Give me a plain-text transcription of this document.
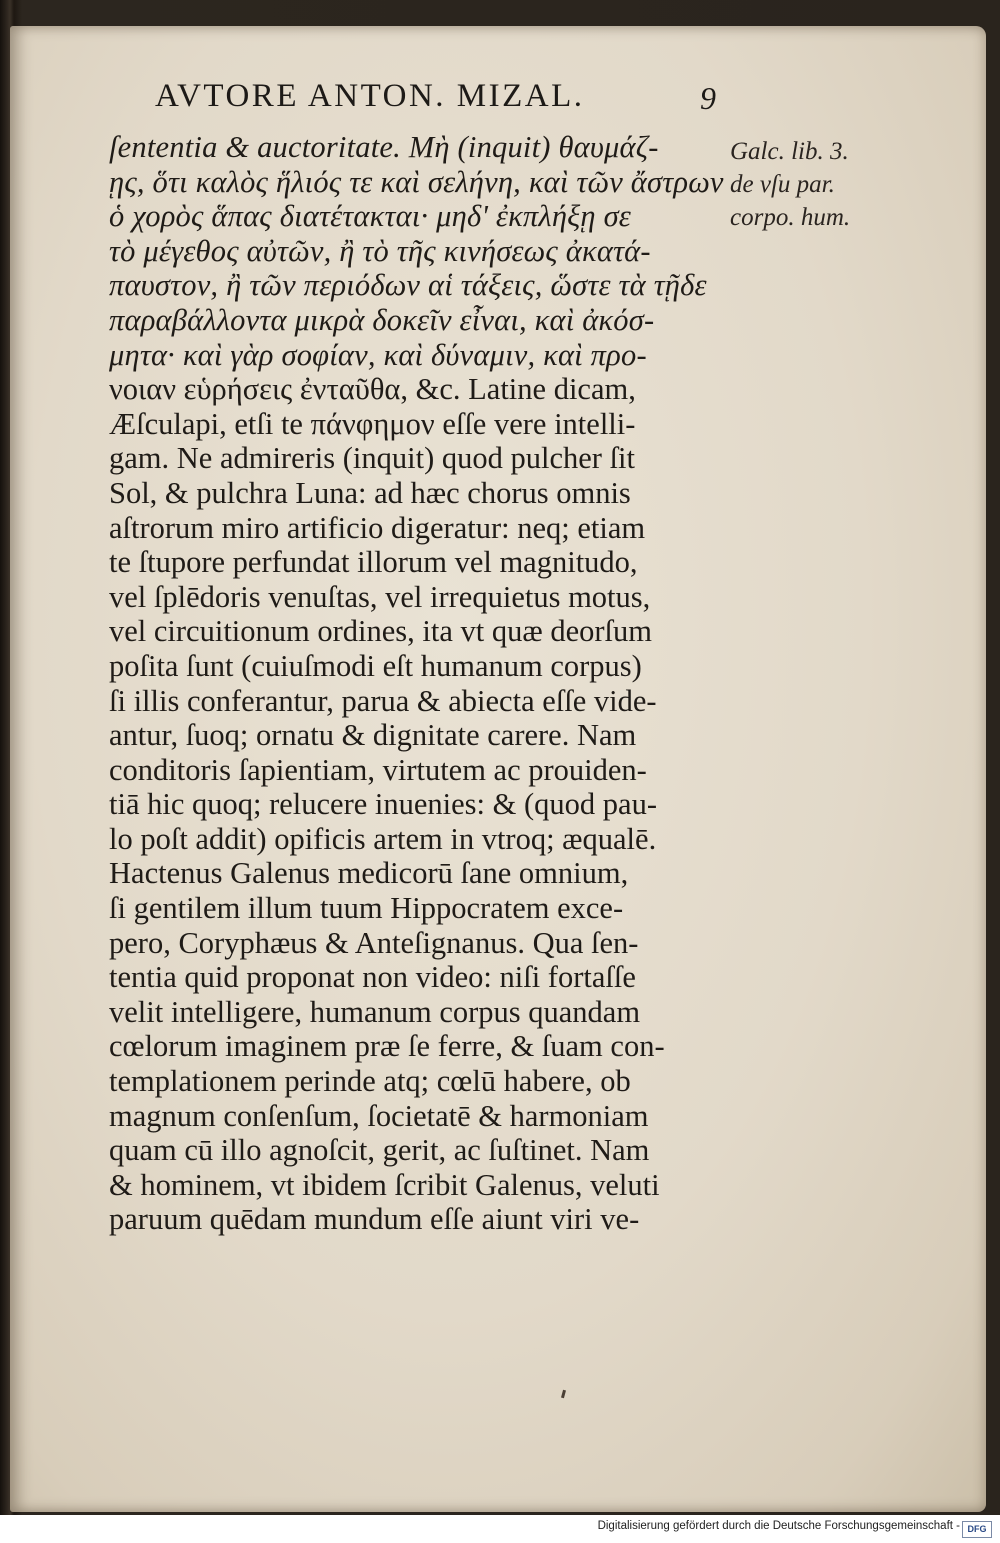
AVTORE ANTON. MIZAL.	9
ſententia & auctoritate. Μὴ (inquit) θαυμάζ-
ῃς, ὅτι καλὸς ἥλιός τε καὶ σελήνη, καὶ τῶν ἄστρων
ὁ χορὸς ἅπας διατέτακται· μηδ' ἐκπλήξῃ σε
τὸ μέγεθος αὐτῶν, ἢ τὸ τῆς κινήσεως ἀκατά-
παυστον, ἢ τῶν περιόδων αἱ τάξεις, ὥστε τὰ τῇδε
παραβάλλοντα μικρὰ δοκεῖν εἶναι, καὶ ἀκόσ-
μητα· καὶ γὰρ σοφίαν, καὶ δύναμιν, καὶ προ-
νοιαν εὑρήσεις ἐνταῦθα, &c. Latine dicam,
Æſculapi, etſi te πάνφημον eſſe vere intelli-
gam. Ne admireris (inquit) quod pulcher ſit
Sol, & pulchra Luna: ad hæc chorus omnis
aſtrorum miro artificio digeratur: neq; etiam
te ſtupore perfundat illorum vel magnitudo,
vel ſplēdoris venuſtas, vel irrequietus motus,
vel circuitionum ordines, ita vt quæ deorſum
poſita ſunt (cuiuſmodi eſt humanum corpus)
ſi illis conferantur, parua & abiecta eſſe vide-
antur, ſuoq; ornatu & dignitate carere. Nam
conditoris ſapientiam, virtutem ac prouiden-
tiā hic quoq; relucere inuenies: & (quod pau-
lo poſt addit) opificis artem in vtroq; æqualē.
Hactenus Galenus medicorū ſane omnium,
ſi gentilem illum tuum Hippocratem exce-
pero, Coryphæus & Anteſignanus. Qua ſen-
tentia quid proponat non video: niſi fortaſſe
velit intelligere, humanum corpus quandam
cœlorum imaginem præ ſe ferre, & ſuam con-
templationem perinde atq; cœlū habere, ob
magnum conſenſum, ſocietatē & harmoniam
quam cū illo agnoſcit, gerit, ac ſuſtinet. Nam
& hominem, vt ibidem ſcribit Galenus, veluti
paruum quēdam mundum eſſe aiunt viri ve-
Galc. lib. 3.
de vſu par.
corpo. hum.
Digitalisierung gefördert durch die Deutsche Forschungsgemeinschaft - DFG
